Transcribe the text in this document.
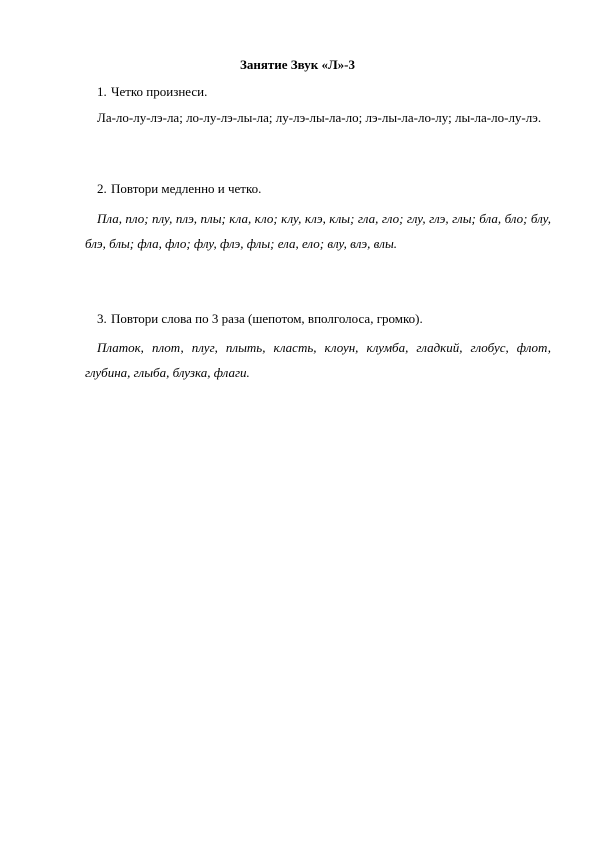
Занятие Звук «Л»-3
1. Четко произнеси.
Ла-ло-лу-лэ-ла; ло-лу-лэ-лы-ла; лу-лэ-лы-ла-ло; лэ-лы-ла-ло-лу; лы-ла-ло-лу-лэ.
2. Повтори медленно и четко.
Пла, пло; плу, плэ, плы; кла, кло; клу, клэ, клы; гла, гло; глу, глэ, глы; бла, бло; блу, блэ, блы; фла, фло; флу, флэ, флы; ела, ело; влу, влэ, влы.
3. Повтори слова по 3 раза (шепотом, вполголоса, громко).
Платок, плот, плуг, плыть, класть, клоун, клумба, гладкий, глобус, флот, глубина, глыба, блузка, флаги.
